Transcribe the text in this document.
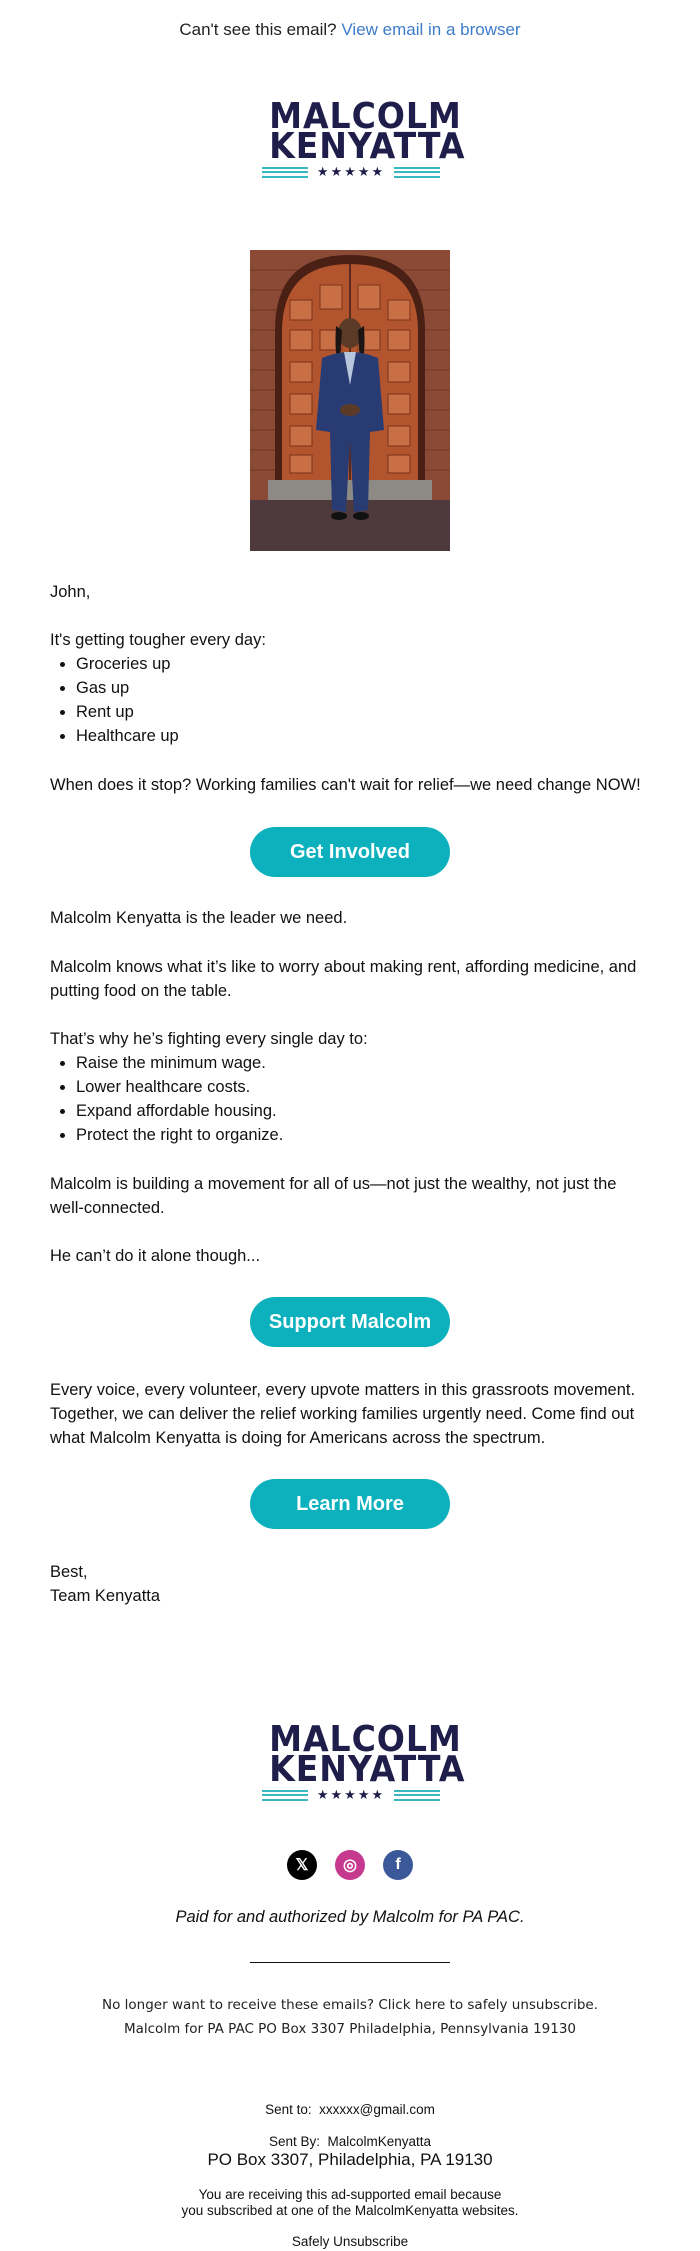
Can't see this email? View email in a browser
MALCOLM
KENYATTA
★★★★★
John,
It's getting tougher every day:
• Groceries up
• Gas up
• Rent up
• Healthcare up
When does it stop? Working families can't wait for relief—we need change NOW!
Get Involved
Malcolm Kenyatta is the leader we need.
Malcolm knows what it’s like to worry about making rent, affording medicine, and putting food on the table.
That’s why he’s fighting every single day to:
• Raise the minimum wage.
• Lower healthcare costs.
• Expand affordable housing.
• Protect the right to organize.
Malcolm is building a movement for all of us—not just the wealthy, not just the well-connected.
He can’t do it alone though...
Support Malcolm
Every voice, every volunteer, every upvote matters in this grassroots movement. Together, we can deliver the relief working families urgently need. Come find out what Malcolm Kenyatta is doing for Americans across the spectrum.
Learn More
Best,
Team Kenyatta
MALCOLM
KENYATTA
★★★★★
𝕏	◎	f
Paid for and authorized by Malcolm for PA PAC.
No longer want to receive these emails? Click here to safely unsubscribe.
Malcolm for PA PAC PO Box 3307 Philadelphia, Pennsylvania 19130
Sent to: xxxxxx@gmail.com
Sent By: MalcolmKenyatta
PO Box 3307, Philadelphia, PA 19130
You are receiving this ad-supported email because
you subscribed at one of the MalcolmKenyatta websites.
Safely Unsubscribe
